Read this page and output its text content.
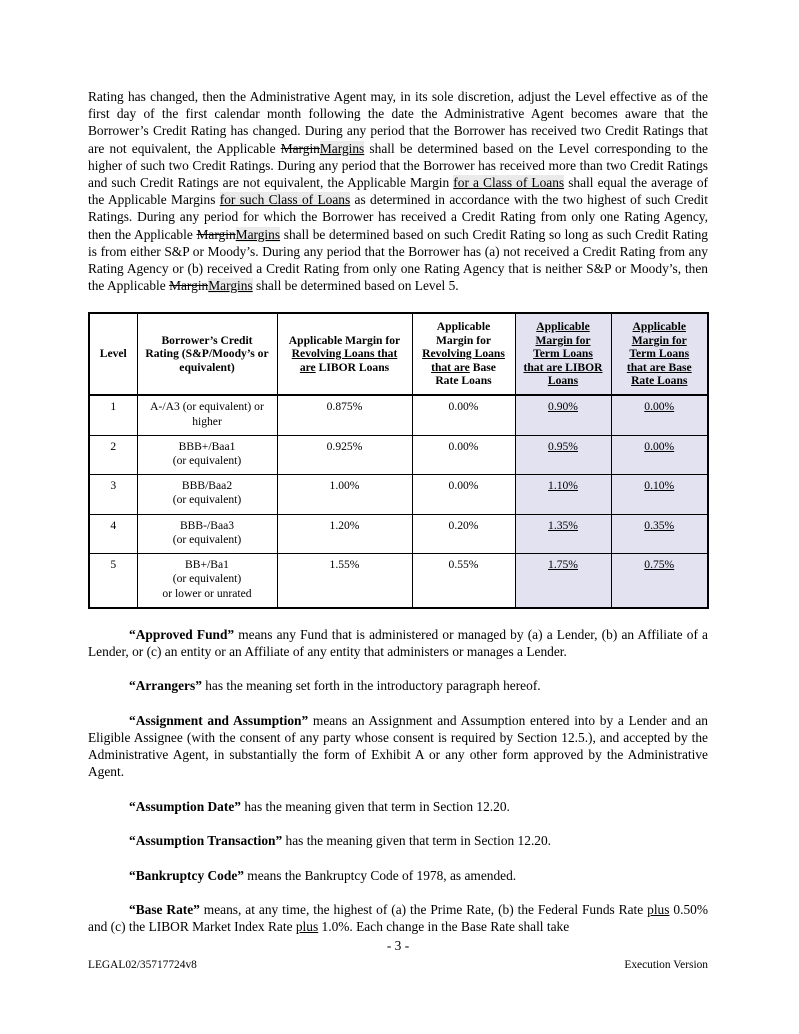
Rating has changed, then the Administrative Agent may, in its sole discretion, adjust the Level effective as of the first day of the first calendar month following the date the Administrative Agent becomes aware that the Borrower’s Credit Rating has changed. During any period that the Borrower has received two Credit Ratings that are not equivalent, the Applicable MarginMargins shall be determined based on the Level corresponding to the higher of such two Credit Ratings. During any period that the Borrower has received more than two Credit Ratings and such Credit Ratings are not equivalent, the Applicable Margin for a Class of Loans shall equal the average of the Applicable Margins for such Class of Loans as determined in accordance with the two highest of such Credit Ratings. During any period for which the Borrower has received a Credit Rating from only one Rating Agency, then the Applicable MarginMargins shall be determined based on such Credit Rating so long as such Credit Rating is from either S&P or Moody’s. During any period that the Borrower has (a) not received a Credit Rating from any Rating Agency or (b) received a Credit Rating from only one Rating Agency that is neither S&P or Moody’s, then the Applicable MarginMargins shall be determined based on Level 5.

Level

Borrower’s Credit
Rating (S&P/Moody’s or
equivalent)

Applicable Margin for
Revolving Loans that
are LIBOR Loans

Applicable
Margin for
Revolving Loans
that are Base
Rate Loans

Applicable
Margin for
Term Loans
that are LIBOR
Loans

Applicable
Margin for
Term Loans
that are Base
Rate Loans

1	A-/A3 (or equivalent) or
higher	0.875%	0.00%	0.90%	0.00%
2	BBB+/Baa1
(or equivalent)	0.925%	0.00%	0.95%	0.00%
3	BBB/Baa2
(or equivalent)	1.00%	0.00%	1.10%	0.10%
4	BBB-/Baa3
(or equivalent)	1.20%	0.20%	1.35%	0.35%
5	BB+/Ba1
(or equivalent)
or lower or unrated	1.55%	0.55%	1.75%	0.75%

“Approved Fund” means any Fund that is administered or managed by (a) a Lender, (b) an Affiliate of a Lender, or (c) an entity or an Affiliate of any entity that administers or manages a Lender.

“Arrangers” has the meaning set forth in the introductory paragraph hereof.

“Assignment and Assumption” means an Assignment and Assumption entered into by a Lender and an Eligible Assignee (with the consent of any party whose consent is required by Section 12.5.), and accepted by the Administrative Agent, in substantially the form of Exhibit A or any other form approved by the Administrative Agent.

“Assumption Date” has the meaning given that term in Section 12.20.

“Assumption Transaction” has the meaning given that term in Section 12.20.

“Bankruptcy Code” means the Bankruptcy Code of 1978, as amended.

“Base Rate” means, at any time, the highest of (a) the Prime Rate, (b) the Federal Funds Rate plus 0.50% and (c) the LIBOR Market Index Rate plus 1.0%. Each change in the Base Rate shall take

- 3 -
LEGAL02/35717724v8	Execution Version
